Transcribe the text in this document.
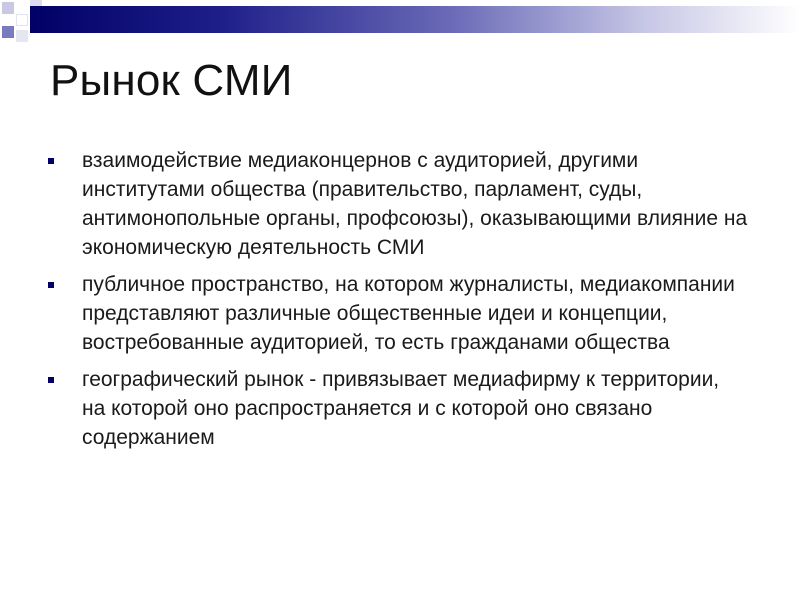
Рынок СМИ
взаимодействие медиаконцернов с аудиторией, другими институтами общества (правительство, парламент, суды, антимонопольные органы, профсоюзы), оказывающими влияние на экономическую деятельность СМИ
публичное пространство, на котором журналисты, медиакомпании представляют различные общественные идеи и концепции, востребованные аудиторией, то есть гражданами общества
географический рынок - привязывает медиафирму к территории, на которой оно распространяется и с которой оно связано содержанием
